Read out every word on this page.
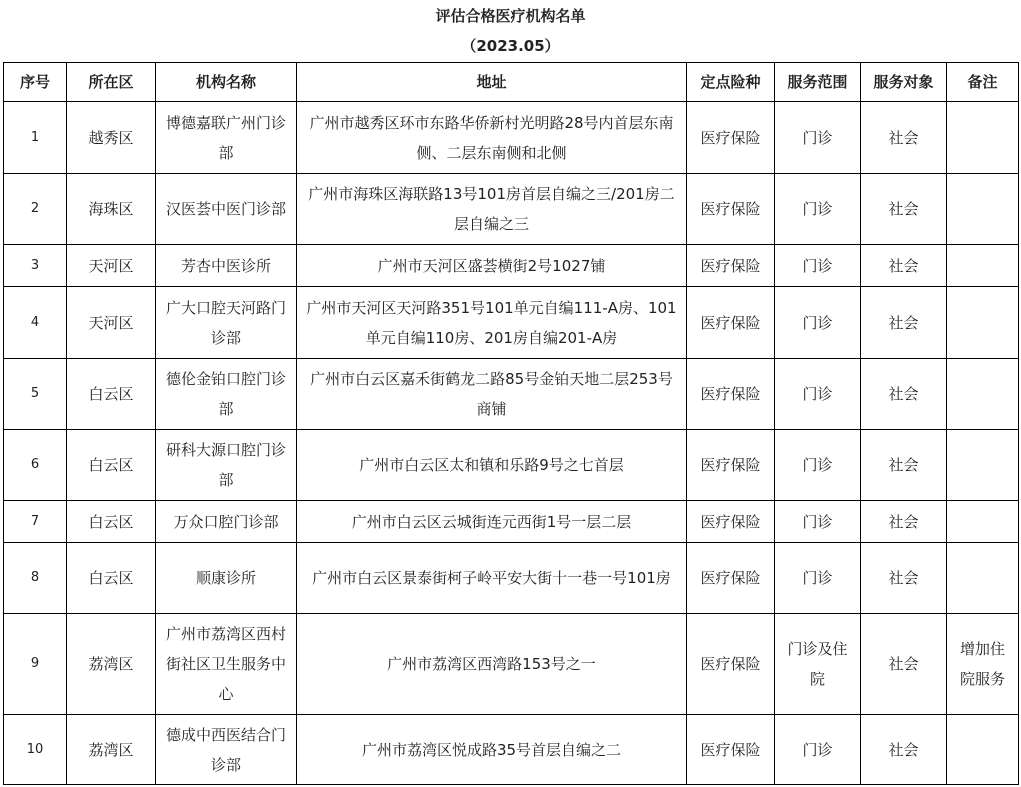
评估合格医疗机构名单
（2023.05）
序号	所在区	机构名称	地址	定点险种	服务范围	服务对象	备注
1	越秀区	博德嘉联广州门诊部	广州市越秀区环市东路华侨新村光明路28号内首层东南侧、二层东南侧和北侧	医疗保险	门诊	社会	
2	海珠区	汉医荟中医门诊部	广州市海珠区海联路13号101房首层自编之三/201房二层自编之三	医疗保险	门诊	社会	
3	天河区	芳杏中医诊所	广州市天河区盛荟横街2号1027铺	医疗保险	门诊	社会	
4	天河区	广大口腔天河路门诊部	广州市天河区天河路351号101单元自编111-A房、101单元自编110房、201房自编201-A房	医疗保险	门诊	社会	
5	白云区	德伦金铂口腔门诊部	广州市白云区嘉禾街鹤龙二路85号金铂天地二层253号商铺	医疗保险	门诊	社会	
6	白云区	研科大源口腔门诊部	广州市白云区太和镇和乐路9号之七首层	医疗保险	门诊	社会	
7	白云区	万众口腔门诊部	广州市白云区云城街连元西街1号一层二层	医疗保险	门诊	社会	
8	白云区	顺康诊所	广州市白云区景泰街柯子岭平安大街十一巷一号101房	医疗保险	门诊	社会	
9	荔湾区	广州市荔湾区西村街社区卫生服务中心	广州市荔湾区西湾路153号之一	医疗保险	门诊及住院	社会	增加住院服务
10	荔湾区	德成中西医结合门诊部	广州市荔湾区悦成路35号首层自编之二	医疗保险	门诊	社会	
